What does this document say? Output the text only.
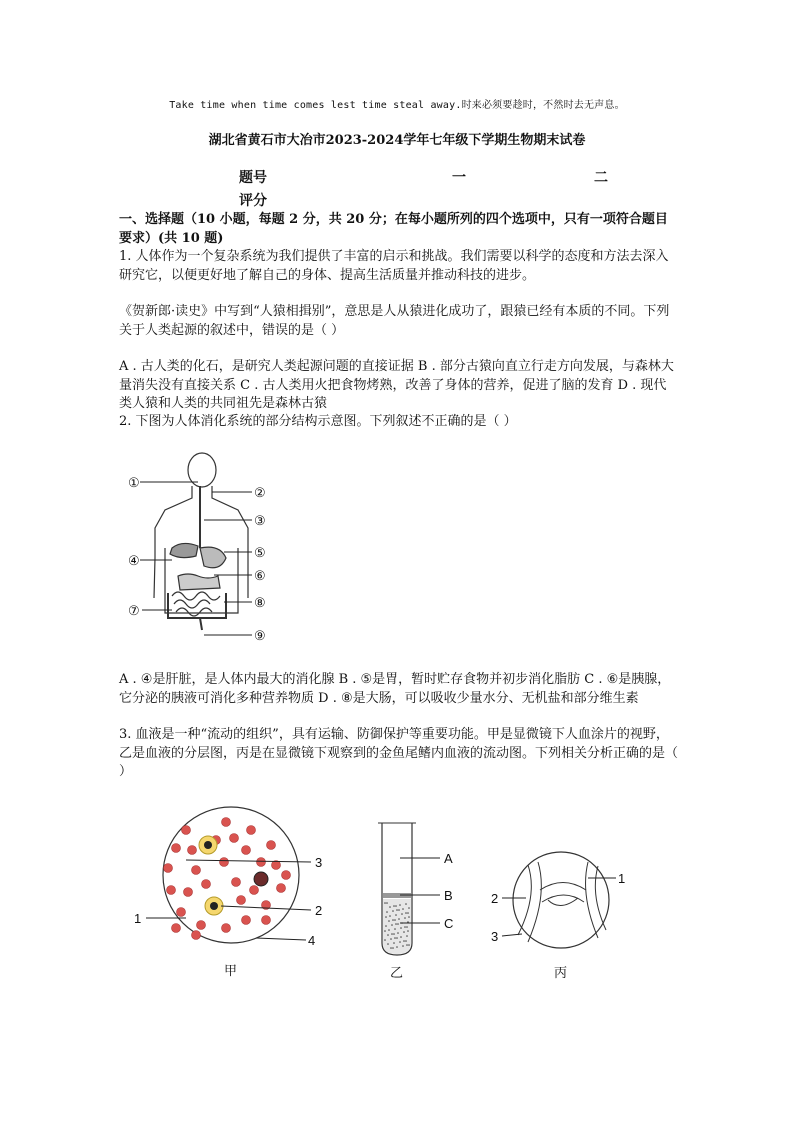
Take time when time comes lest time steal away.时来必须要趁时，不然时去无声息。
湖北省黄石市大冶市2023-2024学年七年级下学期生物期末试卷
题号	一	二
评分
一、选择题（10 小题，每题 2 分，共 20 分；在每小题所列的四个选项中，只有一项符合题目要求）(共 10 题)
1. 人体作为一个复杂系统为我们提供了丰富的启示和挑战。我们需要以科学的态度和方法去深入研究它，以便更好地了解自己的身体、提高生活质量并推动科技的进步。
《贺新郎·读史》中写到“人猿相揖别”，意思是人从猿进化成功了，跟猿已经有本质的不同。下列关于人类起源的叙述中，错误的是（ ）
A . 古人类的化石，是研究人类起源问题的直接证据 B . 部分古猿向直立行走方向发展，与森林大量消失没有直接关系 C . 古人类用火把食物烤熟，改善了身体的营养，促进了脑的发育 D . 现代类人猿和人类的共同祖先是森林古猿
2. 下图为人体消化系统的部分结构示意图。下列叙述不正确的是（ ）
①
②
③
④
⑤
⑥
⑦
⑧
⑨
A . ④是肝脏，是人体内最大的消化腺 B . ⑤是胃，暂时贮存食物并初步消化脂肪 C . ⑥是胰腺，它分泌的胰液可消化多种营养物质 D . ⑧是大肠，可以吸收少量水分、无机盐和部分维生素
3. 血液是一种“流动的组织”，具有运输、防御保护等重要功能。甲是显微镜下人血涂片的视野，乙是血液的分层图，丙是在显微镜下观察到的金鱼尾鳍内血液的流动图。下列相关分析正确的是（ ）
1
2
3
4
甲
A
B
C
乙
1
2
3
丙
